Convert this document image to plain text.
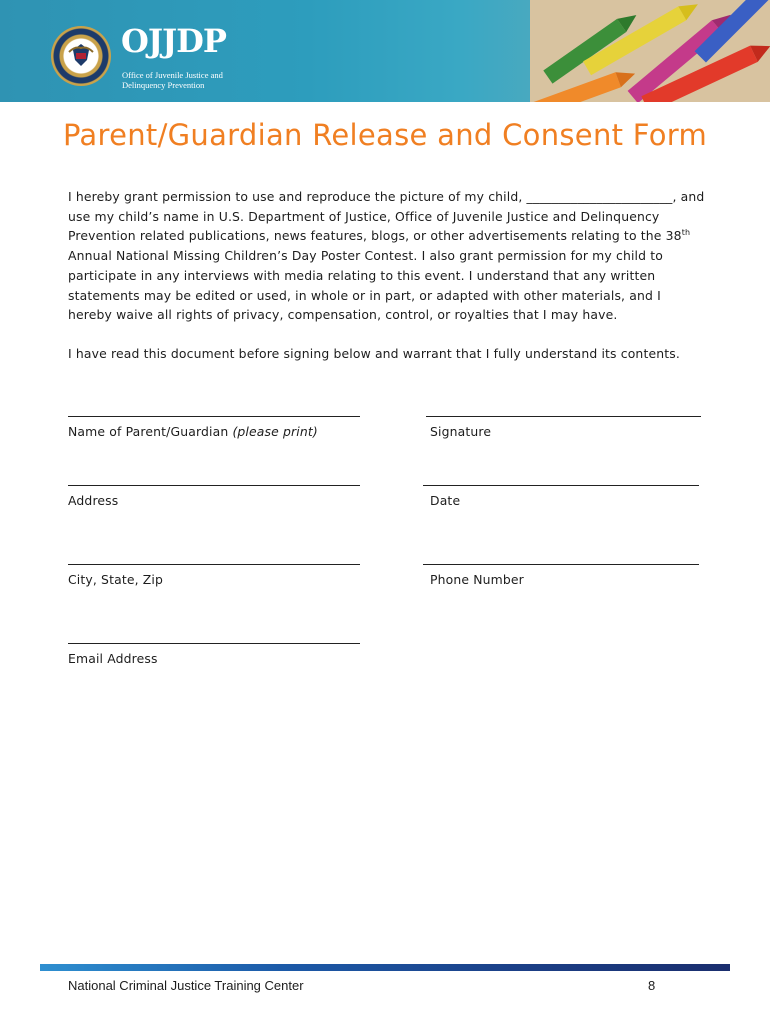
OJJDP
Office of Juvenile Justice and Delinquency Prevention
Parent/Guardian Release and Consent Form

I hereby grant permission to use and reproduce the picture of my child, _______________________, and use my child’s name in U.S. Department of Justice, Office of Juvenile Justice and Delinquency Prevention related publications, news features, blogs, or other advertisements relating to the 38th Annual National Missing Children’s Day Poster Contest. I also grant permission for my child to participate in any interviews with media relating to this event. I understand that any written statements may be edited or used, in whole or in part, or adapted with other materials, and I hereby waive all rights of privacy, compensation, control, or royalties that I may have.

I have read this document before signing below and warrant that I fully understand its contents.

Name of Parent/Guardian (please print)	Signature
Address	Date
City, State, Zip	Phone Number
Email Address
National Criminal Justice Training Center	8
